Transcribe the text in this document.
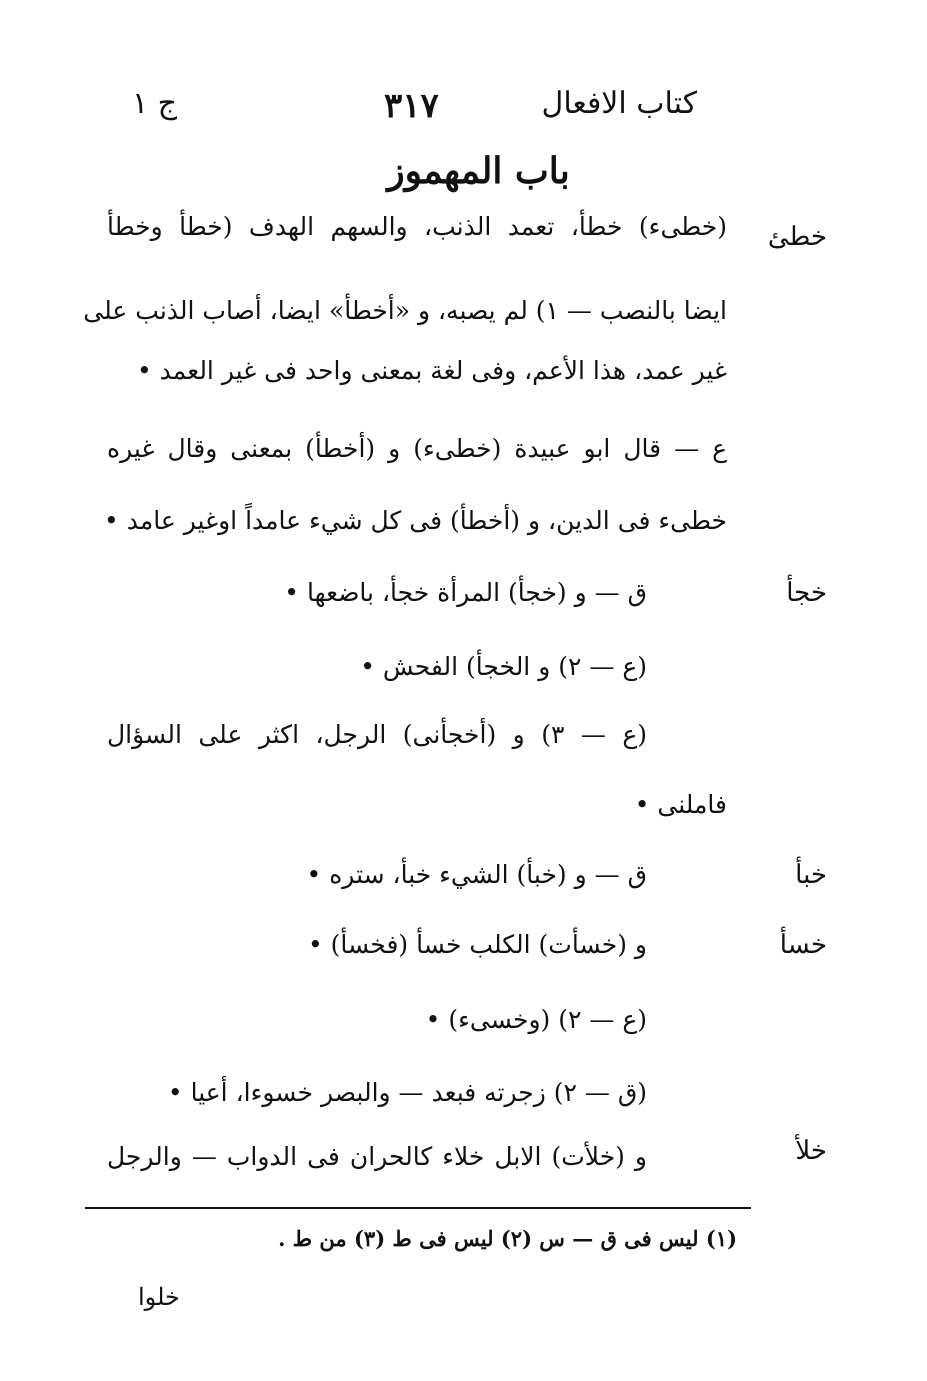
كتاب الافعال
٣١٧
ج ١
باب المهموز
خطئ
(خطىء) خطأ، تعمد الذنب، والسهم الهدف (خطأ وخطأ
ايضا بالنصب — ١) لم يصبه، و «أخطأ» ايضا، أصاب الذنب على
غير عمد، هذا الأعم، وفى لغة بمعنى واحد فى غير العمد •
ع — قال ابو عبيدة (خطىء) و (أخطأ) بمعنى وقال غيره
خطىء فى الدين، و (أخطأ) فى كل شيء عامداً اوغير عامد •
خجأ
ق — و (خجأ) المرأة خجأ، باضعها •
(ع — ٢) و الخجأ) الفحش •
(ع — ٣) و (أخجأنى) الرجل، اكثر على السؤال
فاملنى •
خبأ
ق — و (خبأ) الشيء خبأ، ستره •
خسأ
و (خسأت) الكلب خسأ (فخسأ) •
(ع — ٢) (وخسىء) •
(ق — ٢) زجرته فبعد — والبصر خسوءا، أعيا •
خلأ
و (خلأت) الابل خلاء كالحران فى الدواب — والرجل
(١) ليس فى ق — س (٢) ليس فى ط (٣) من ط .
خلوا
